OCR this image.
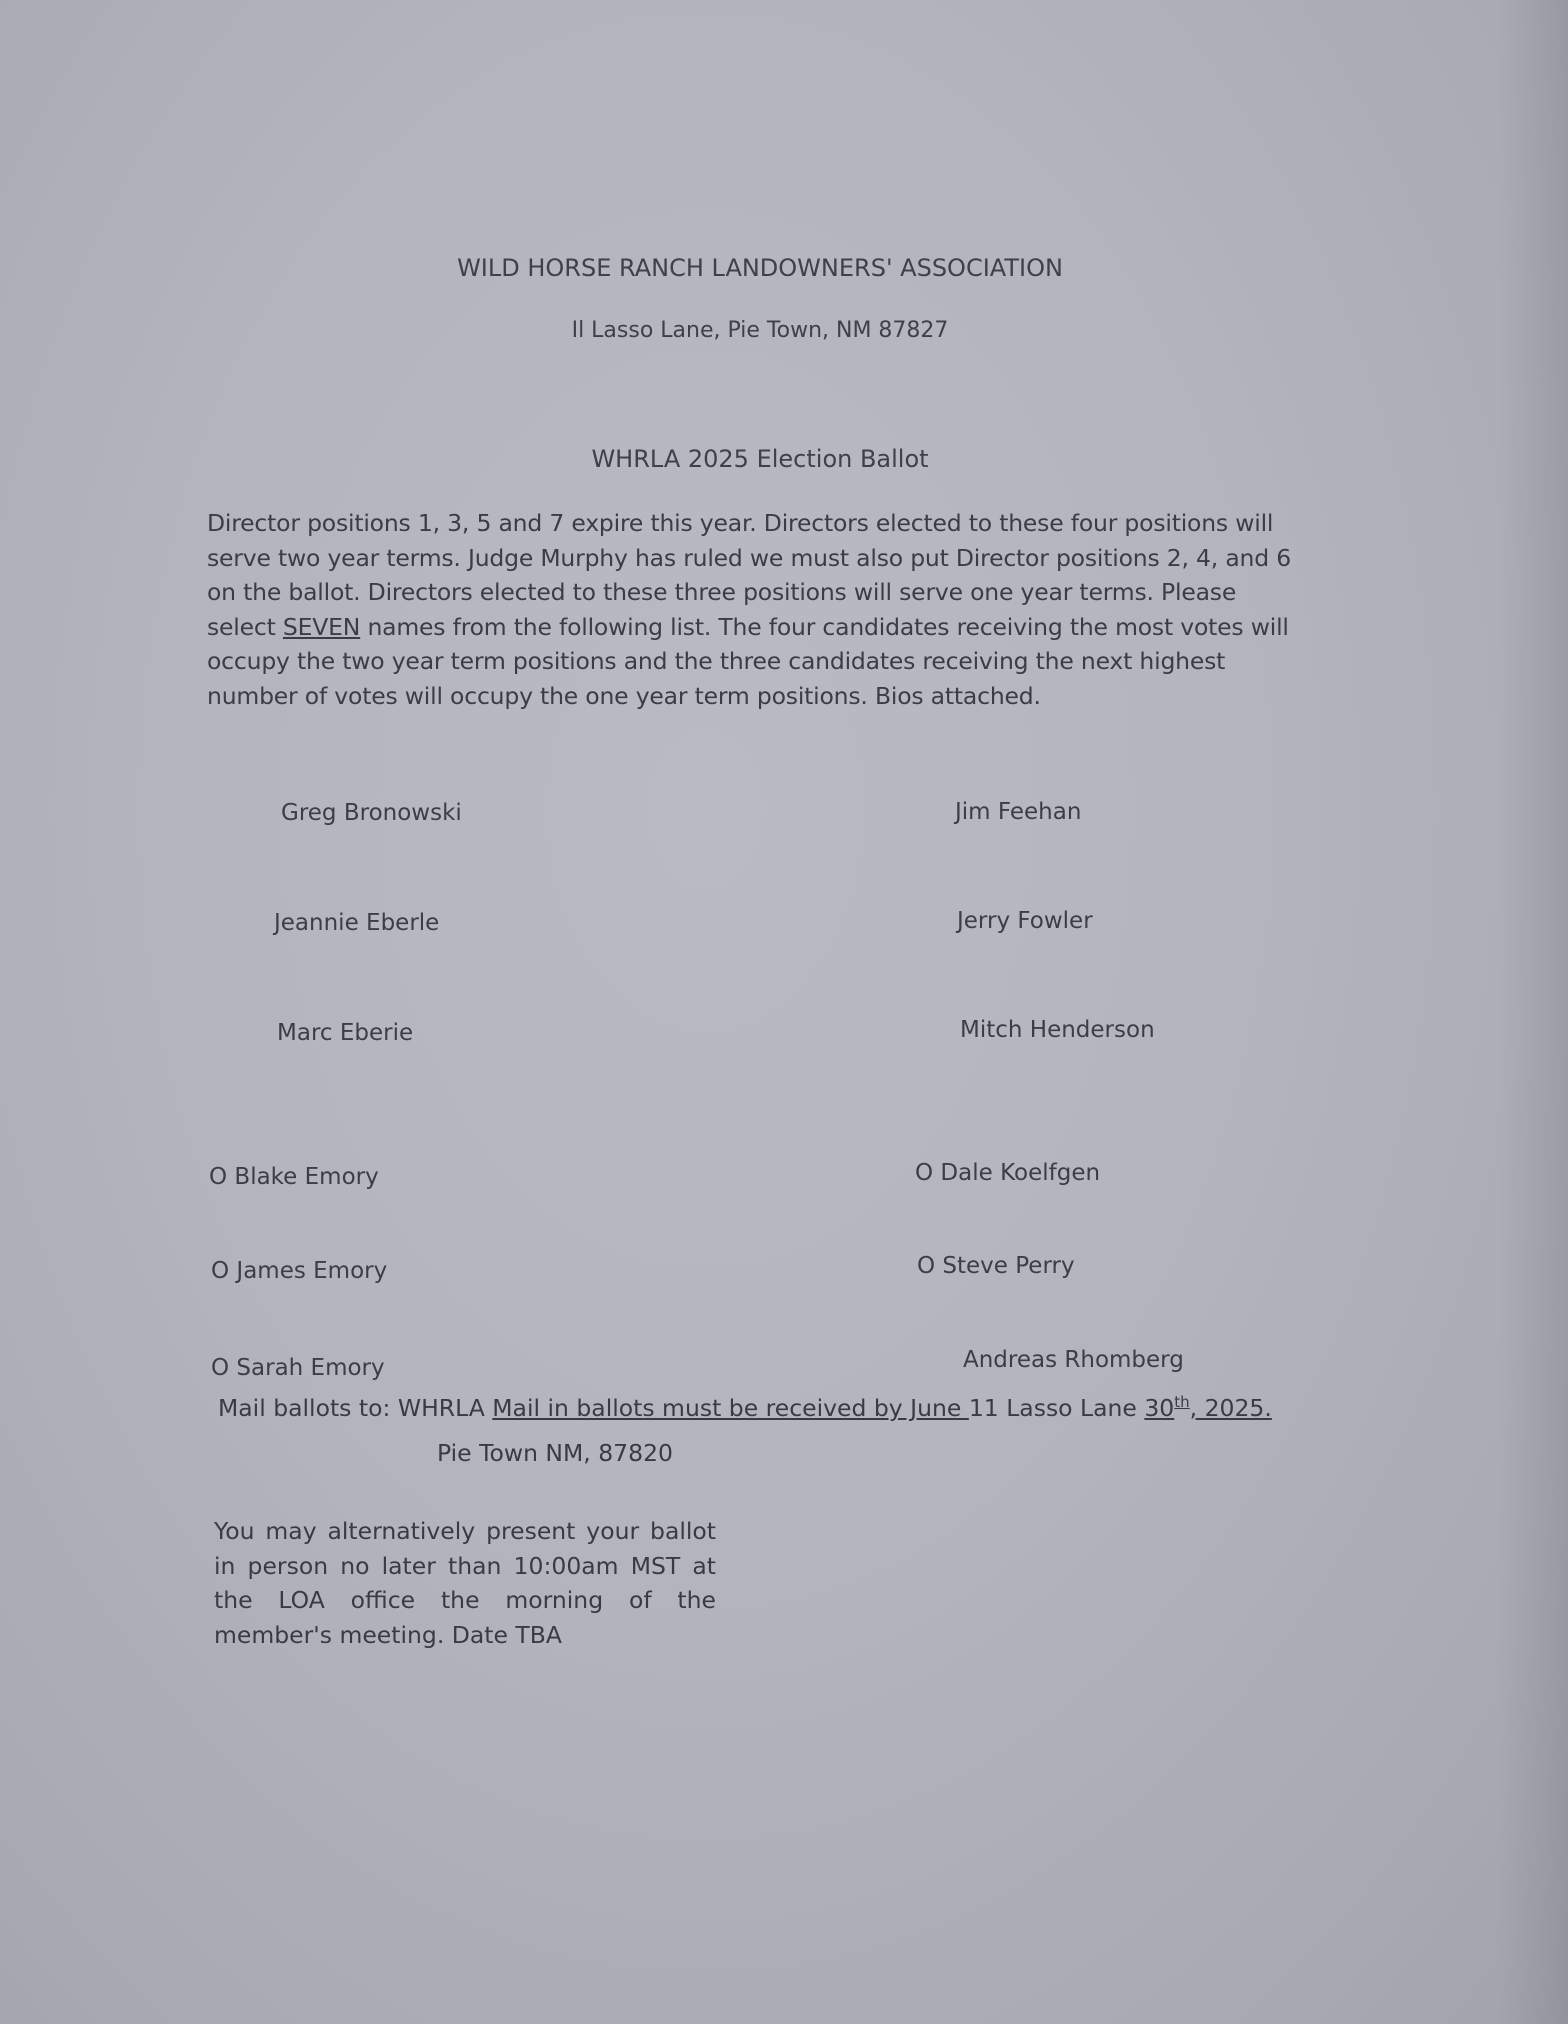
WILD HORSE RANCH LANDOWNERS' ASSOCIATION
Il Lasso Lane, Pie Town, NM 87827
WHRLA 2025 Election Ballot
Director positions 1, 3, 5 and 7 expire this year. Directors elected to these four positions will serve two year terms. Judge Murphy has ruled we must also put Director positions 2, 4, and 6 on the ballot. Directors elected to these three positions will serve one year terms. Please select SEVEN names from the following list. The four candidates receiving the most votes will occupy the two year term positions and the three candidates receiving the next highest number of votes will occupy the one year term positions. Bios attached.
Greg Bronowski	Jim Feehan
Jeannie Eberle	Jerry Fowler
Marc Eberie	Mitch Henderson
O Blake Emory	O Dale Koelfgen
O James Emory	O Steve Perry
O Sarah Emory	Andreas Rhomberg
Mail ballots to: WHRLA Mail in ballots must be received by June 11 Lasso Lane 30th, 2025.
Pie Town NM, 87820
You may alternatively present your ballot in person no later than 10:00am MST at the LOA office the morning of the member's meeting. Date TBA
